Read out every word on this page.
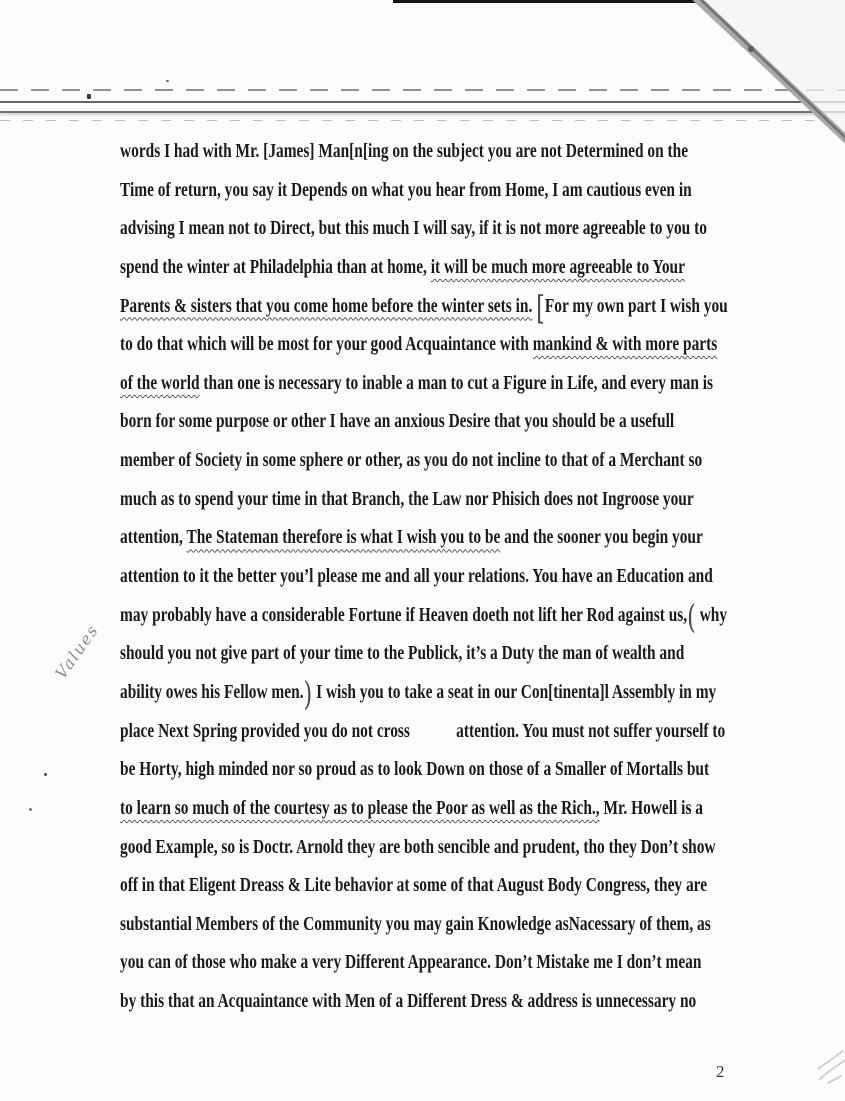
words I had with Mr. [James] Man[n[ing on the subject you are not Determined on the
Time of return, you say it Depends on what you hear from Home, I am cautious even in
advising I mean not to Direct, but this much I will say, if it is not more agreeable to you to
spend the winter at Philadelphia than at home, it will be much more agreeable to Your
Parents & sisters that you come home before the winter sets in. [For my own part I wish you
to do that which will be most for your good Acquaintance with mankind & with more parts
of the world than one is necessary to inable a man to cut a Figure in Life, and every man is
born for some purpose or other I have an anxious Desire that you should be a usefull
member of Society in some sphere or other, as you do not incline to that of a Merchant so
much as to spend your time in that Branch, the Law nor Phisich does not Ingroose your
attention, The Stateman therefore is what I wish you to be and the sooner you begin your
attention to it the better you’l please me and all your relations. You have an Education and
may probably have a considerable Fortune if Heaven doeth not lift her Rod against us,( why
should you not give part of your time to the Publick, it’s a Duty the man of wealth and
ability owes his Fellow men.) I wish you to take a seat in our Con[tinenta]l Assembly in my
place Next Spring provided you do not cross            attention. You must not suffer yourself to
be Horty, high minded nor so proud as to look Down on those of a Smaller of Mortalls but
to learn so much of the courtesy as to please the Poor as well as the Rich., Mr. Howell is a
good Example, so is Doctr. Arnold they are both sencible and prudent, tho they Don’t show
off in that Eligent Dreass & Lite behavior at some of that August Body Congress, they are
substantial Members of the Community you may gain Knowledge asNacessary of them, as
you can of those who make a very Different Appearance. Don’t Mistake me I don’t mean
by this that an Acquaintance with Men of a Different Dress & address is unnecessary no
Values
2
